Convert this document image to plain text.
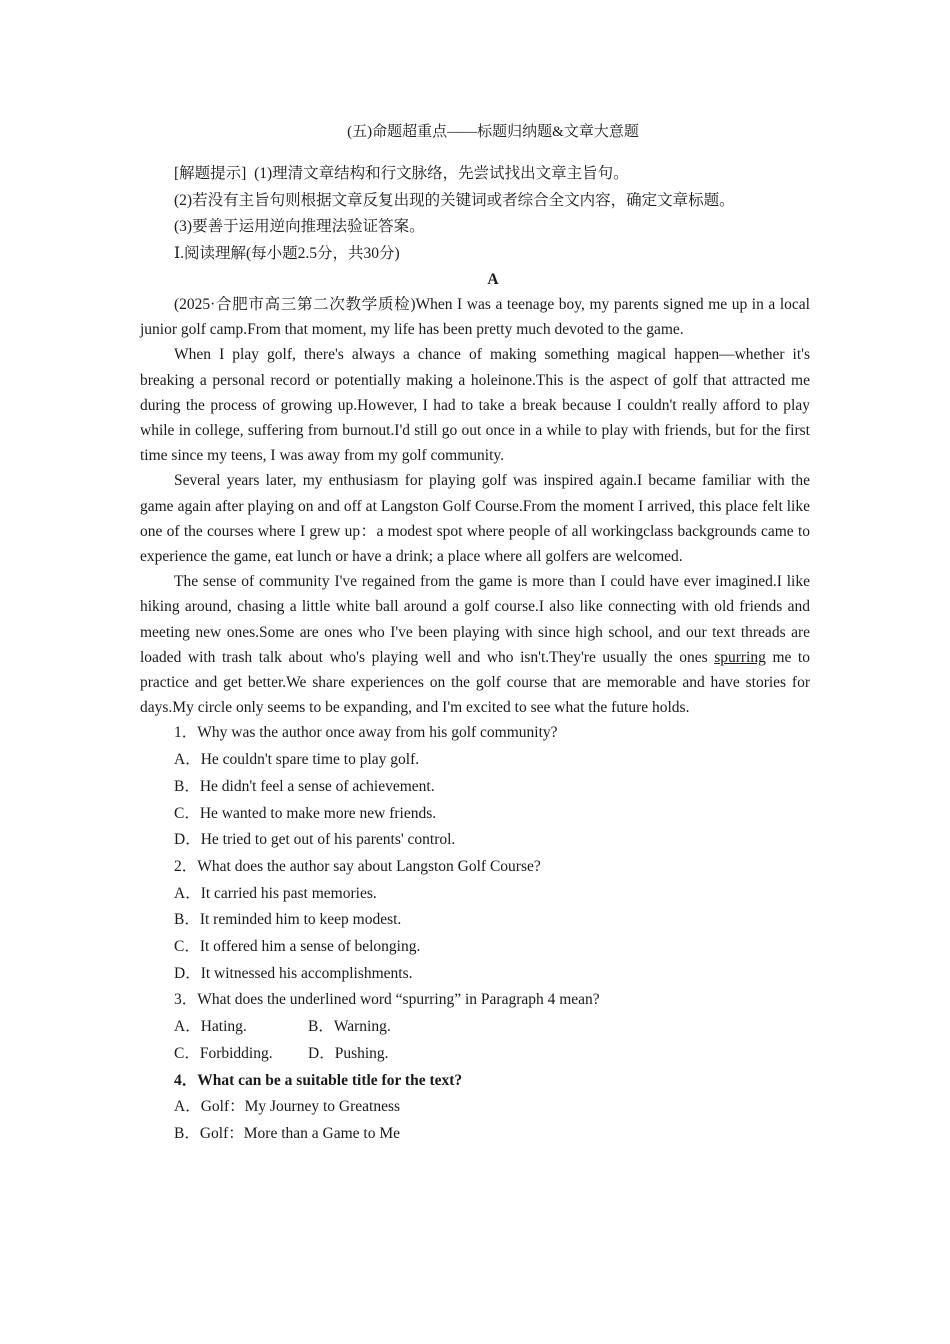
(五)命题超重点——标题归纳题&文章大意题

[解题提示] (1)理清文章结构和行文脉络，先尝试找出文章主旨句。

(2)若没有主旨句则根据文章反复出现的关键词或者综合全文内容，确定文章标题。

(3)要善于运用逆向推理法验证答案。

Ⅰ.阅读理解(每小题2.5分，共30分)

A

(2025·合肥市高三第二次教学质检)When I was a teenage boy, my parents signed me up in a local junior golf camp.From that moment, my life has been pretty much devoted to the game.

When I play golf, there's always a chance of making something magical happen—whether it's breaking a personal record or potentially making a holeinone.This is the aspect of golf that attracted me during the process of growing up.However, I had to take a break because I couldn't really afford to play while in college, suffering from burnout.I'd still go out once in a while to play with friends, but for the first time since my teens, I was away from my golf community.

Several years later, my enthusiasm for playing golf was inspired again.I became familiar with the game again after playing on and off at Langston Golf Course.From the moment I arrived, this place felt like one of the courses where I grew up：a modest spot where people of all workingclass backgrounds came to experience the game, eat lunch or have a drink; a place where all golfers are welcomed.

The sense of community I've regained from the game is more than I could have ever imagined.I like hiking around, chasing a little white ball around a golf course.I also like connecting with old friends and meeting new ones.Some are ones who I've been playing with since high school, and our text threads are loaded with trash talk about who's playing well and who isn't.They're usually the ones spurring me to practice and get better.We share experiences on the golf course that are memorable and have stories for days.My circle only seems to be expanding, and I'm excited to see what the future holds.

1．Why was the author once away from his golf community?

A．He couldn't spare time to play golf.

B．He didn't feel a sense of achievement.

C．He wanted to make more new friends.

D．He tried to get out of his parents' control.

2．What does the author say about Langston Golf Course?

A．It carried his past memories.

B．It reminded him to keep modest.

C．It offered him a sense of belonging.

D．It witnessed his accomplishments.

3．What does the underlined word “spurring” in Paragraph 4 mean?

A．Hating.	B．Warning.

C．Forbidding. D．Pushing.

4．What can be a suitable title for the text?

A．Golf：My Journey to Greatness

B．Golf：More than a Game to Me
